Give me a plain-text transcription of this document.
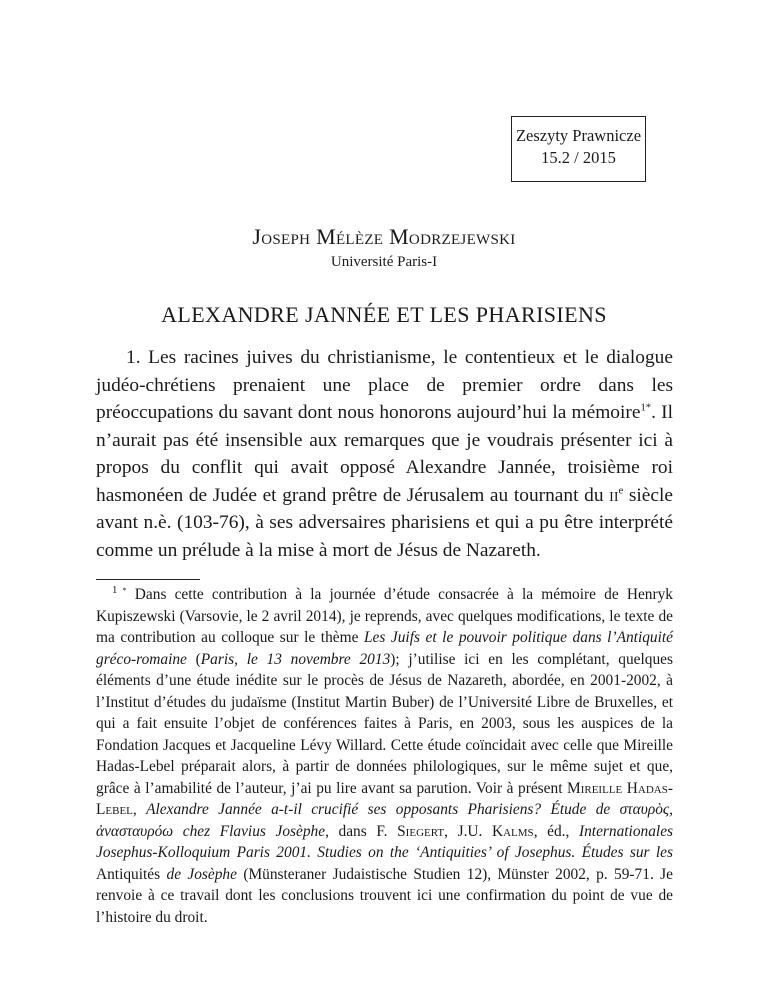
Zeszyty Prawnicze
15.2 / 2015
Joseph Mélèze Modrzejewski
Université Paris-I
ALEXANDRE JANNÉE ET LES PHARISIENS

1. Les racines juives du christianisme, le contentieux et le dialogue judéo-chrétiens prenaient une place de premier ordre dans les préoccupations du savant dont nous honorons aujourd’hui la mémoire$^{1*}$. Il n’aurait pas été insensible aux remarques que je voudrais présenter ici à propos du conflit qui avait opposé Alexandre Jannée, troisième roi hasmonéen de Judée et grand prêtre de Jérusalem au tournant du $ii^e$ siècle avant n.è. (103-76), à ses adversaires pharisiens et qui a pu être interprété comme un prélude à la mise à mort de Jésus de Nazareth.

$^1$ * Dans cette contribution à la journée d’étude consacrée à la mémoire de Henryk Kupiszewski (Varsovie, le 2 avril 2014), je reprends, avec quelques modifications, le texte de ma contribution au colloque sur le thème Les Juifs et le pouvoir politique dans l’Antiquité gréco-romaine (Paris, le 13 novembre 2013); j’utilise ici en les complétant, quelques éléments d’une étude inédite sur le procès de Jésus de Nazareth, abordée, en 2001-2002, à l’Institut d’études du judaïsme (Institut Martin Buber) de l’Université Libre de Bruxelles, et qui a fait ensuite l’objet de conférences faites à Paris, en 2003, sous les auspices de la Fondation Jacques et Jacqueline Lévy Willard. Cette étude coïncidait avec celle que Mireille Hadas-Lebel préparait alors, à partir de données philologiques, sur le même sujet et que, grâce à l’amabilité de l’auteur, j’ai pu lire avant sa parution. Voir à présent Mireille Hadas-Lebel, Alexandre Jannée a-t-il crucifié ses opposants Pharisiens? Étude de σταυρὸς, ἀνασταυρόω chez Flavius Josèphe, dans F. Siegert, J.U. Kalms, éd., Internationales Josephus-Kolloquium Paris 2001. Studies on the ‘Antiquities’ of Josephus. Études sur les Antiquités de Josèphe (Münsteraner Judaistische Studien 12), Münster 2002, p. 59-71. Je renvoie à ce travail dont les conclusions trouvent ici une confirmation du point de vue de l’histoire du droit.
